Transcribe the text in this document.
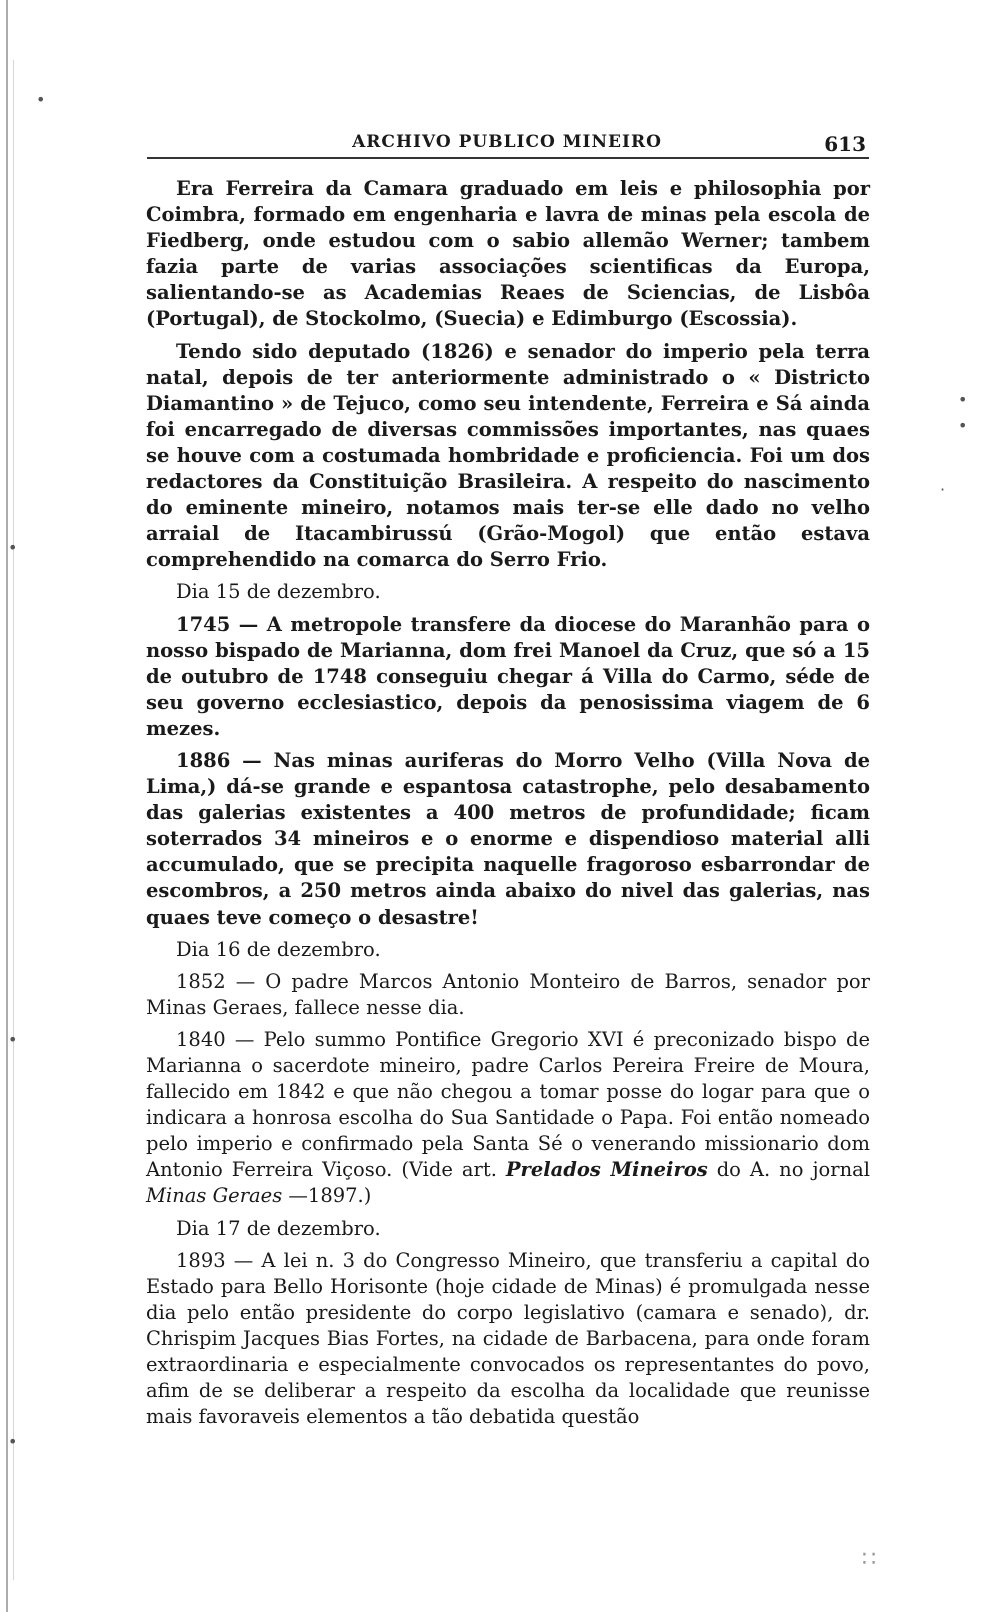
•
•
•
•
•
·
•
ARCHIVO PUBLICO MINEIRO	613

Era Ferreira da Camara graduado em leis e philosophia por Coimbra, formado em engenharia e lavra de minas pela escola de Fiedberg, onde estudou com o sabio allemão Werner; tambem fazia parte de varias associações scientificas da Europa, salientando-se as Academias Reaes de Sciencias, de Lisbôa (Portugal), de Stockolmo, (Suecia) e Edimburgo (Escossia).

Tendo sido deputado (1826) e senador do imperio pela terra natal, depois de ter anteriormente administrado o « Districto Diamantino » de Tejuco, como seu intendente, Ferreira e Sá ainda foi encarregado de diversas commissões importantes, nas quaes se houve com a costumada hombridade e proficiencia. Foi um dos redactores da Constituição Brasileira. A respeito do nascimento do eminente mineiro, notamos mais ter-se elle dado no velho arraial de Itacambirussú (Grão-Mogol) que então estava comprehendido na comarca do Serro Frio.

Dia 15 de dezembro.

1745 — A metropole transfere da diocese do Maranhão para o nosso bispado de Marianna, dom frei Manoel da Cruz, que só a 15 de outubro de 1748 conseguiu chegar á Villa do Carmo, séde de seu governo ecclesiastico, depois da penosissima viagem de 6 mezes.

1886 — Nas minas auriferas do Morro Velho (Villa Nova de Lima,) dá-se grande e espantosa catastrophe, pelo desabamento das galerias existentes a 400 metros de profundidade; ficam soterrados 34 mineiros e o enorme e dispendioso material alli accumulado, que se precipita naquelle fragoroso esbarrondar de escombros, a 250 metros ainda abaixo do nivel das galerias, nas quaes teve começo o desastre!

Dia 16 de dezembro.

1852 — O padre Marcos Antonio Monteiro de Barros, senador por Minas Geraes, fallece nesse dia.

1840 — Pelo summo Pontifice Gregorio XVI é preconizado bispo de Marianna o sacerdote mineiro, padre Carlos Pereira Freire de Moura, fallecido em 1842 e que não chegou a tomar posse do logar para que o indicara a honrosa escolha do Sua Santidade o Papa. Foi então nomeado pelo imperio e confirmado pela Santa Sé o venerando missionario dom Antonio Ferreira Viçoso. (Vide art. Prelados Mineiros do A. no jornal Minas Geraes —1897.)

Dia 17 de dezembro.

1893 — A lei n. 3 do Congresso Mineiro, que transferiu a capital do Estado para Bello Horisonte (hoje cidade de Minas) é promulgada nesse dia pelo então presidente do corpo legislativo (camara e senado), dr. Chrispim Jacques Bias Fortes, na cidade de Barbacena, para onde foram extraordinaria e especialmente convocados os representantes do povo, afim de se deliberar a respeito da escolha da localidade que reunisse mais favoraveis elementos a tão debatida questão

∷
